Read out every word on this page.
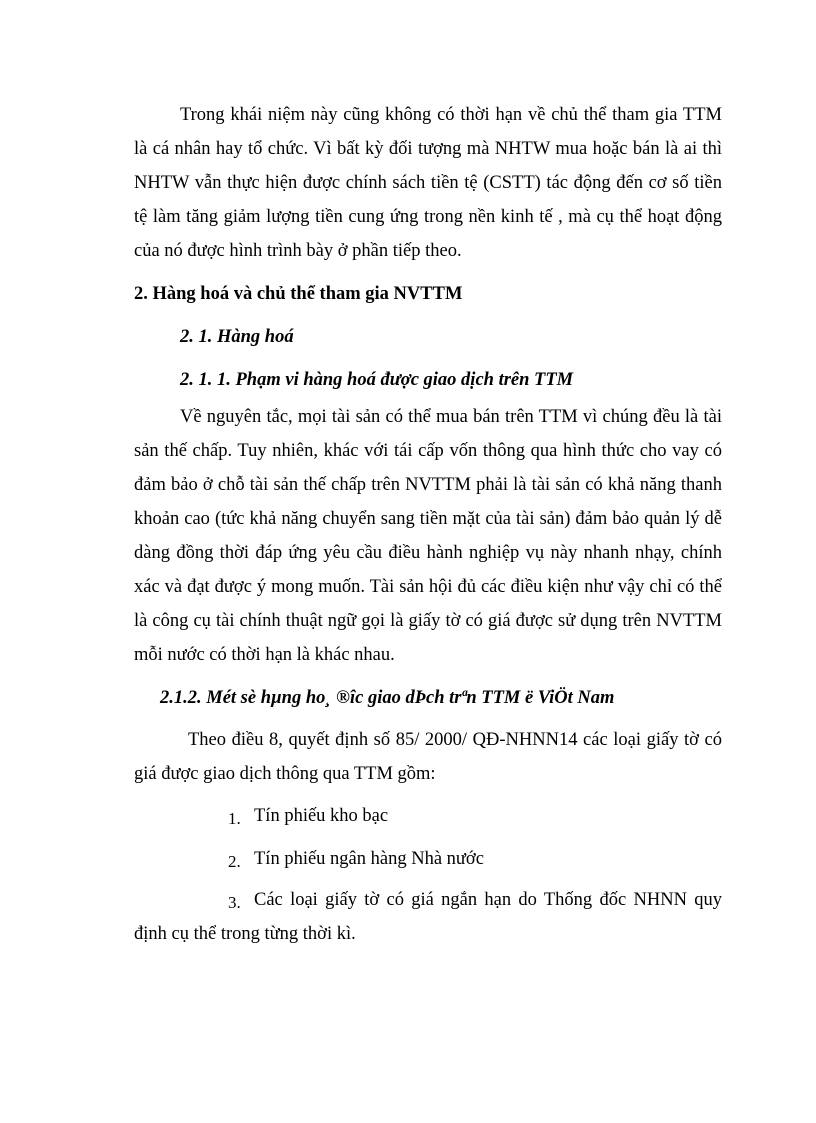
Trong khái niệm này cũng không có thời hạn về chủ thể tham gia TTM

là cá nhân hay tổ chức. Vì bất kỳ đối tượng mà NHTW mua hoặc bán là ai thì

NHTW vẫn thực hiện được chính sách tiền tệ (CSTT) tác động đến cơ số tiền

tệ làm tăng giảm lượng tiền cung ứng trong nền kinh tế , mà cụ thể hoạt động

của nó được hình trình bày ở phần tiếp theo.

2. Hàng hoá và chủ thể tham gia NVTTM

2. 1. Hàng hoá

2. 1. 1. Phạm vi hàng hoá được giao dịch trên TTM

Về nguyên tắc, mọi tài sản có thể mua bán trên TTM vì chúng đều là tài

sản thế chấp. Tuy nhiên, khác với tái cấp vốn thông qua hình thức cho vay có

đảm bảo ở chỗ tài sản thế chấp trên NVTTM phải là tài sản có khả năng thanh

khoản cao (tức khả năng chuyển sang tiền mặt của tài sản) đảm bảo quản lý dễ

dàng đồng thời đáp ứng yêu cầu điều hành nghiệp vụ này nhanh nhạy, chính

xác và đạt được ý mong muốn. Tài sản hội đủ các điều kiện như vậy chỉ có thể

là công cụ tài chính thuật ngữ gọi là giấy tờ có giá được sử dụng trên NVTTM

mỗi nước có thời hạn là khác nhau.

2.1.2. Mét sè hµng ho¸ ®îc giao dÞch trªn TTM ë ViÖt Nam

Theo điều 8, quyết định số 85/ 2000/ QĐ-NHNN14 các loại giấy tờ có

giá được giao dịch thông qua TTM gồm:

1. Tín phiếu kho bạc

2. Tín phiếu ngân hàng Nhà nước

3. Các loại giấy tờ có giá ngắn hạn do Thống đốc NHNN quy

định cụ thể trong từng thời kì.
